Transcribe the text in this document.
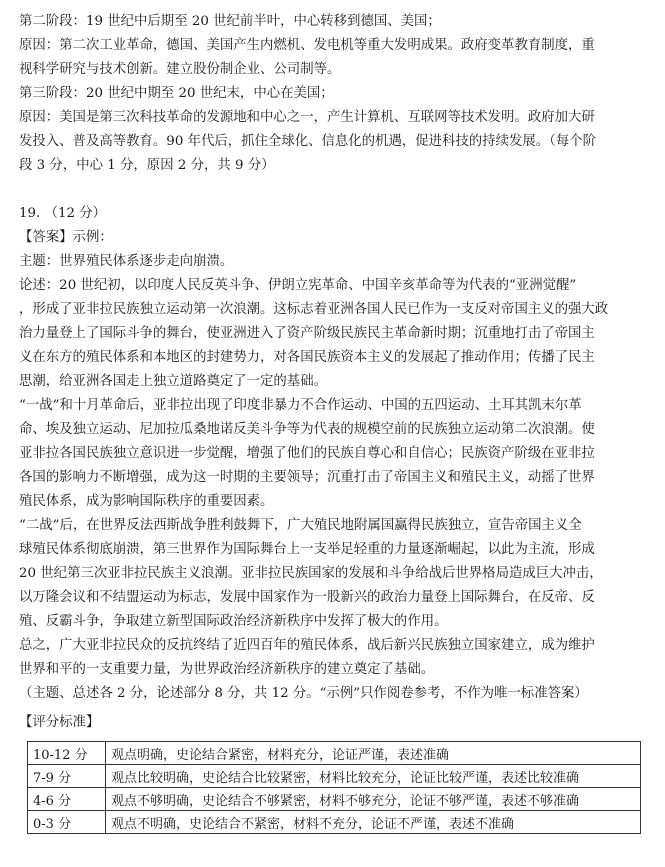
第二阶段：19 世纪中后期至 20 世纪前半叶，中心转移到德国、美国；
原因：第二次工业革命，德国、美国产生内燃机、发电机等重大发明成果。政府变革教育制度，重
视科学研究与技术创新。建立股份制企业、公司制等。
第三阶段：20 世纪中期至 20 世纪末，中心在美国；
原因：美国是第三次科技革命的发源地和中心之一，产生计算机、互联网等技术发明。政府加大研
发投入、普及高等教育。90 年代后，抓住全球化、信息化的机遇，促进科技的持续发展。（每个阶
段 3 分，中心 1 分，原因 2 分，共 9 分）
19. （12 分）
【答案】示例：
主题：世界殖民体系逐步走向崩溃。
论述：20 世纪初，以印度人民反英斗争、伊朗立宪革命、中国辛亥革命等为代表的“亚洲觉醒”
，形成了亚非拉民族独立运动第一次浪潮。这标志着亚洲各国人民已作为一支反对帝国主义的强大政
治力量登上了国际斗争的舞台，使亚洲进入了资产阶级民族民主革命新时期；沉重地打击了帝国主
义在东方的殖民体系和本地区的封建势力，对各国民族资本主义的发展起了推动作用；传播了民主
思潮，给亚洲各国走上独立道路奠定了一定的基础。
“一战”和十月革命后，亚非拉出现了印度非暴力不合作运动、中国的五四运动、土耳其凯末尔革
命、埃及独立运动、尼加拉瓜桑地诺反美斗争等为代表的规模空前的民族独立运动第二次浪潮。使
亚非拉各国民族独立意识进一步觉醒，增强了他们的民族自尊心和自信心；民族资产阶级在亚非拉
各国的影响力不断增强，成为这一时期的主要领导；沉重打击了帝国主义和殖民主义，动摇了世界
殖民体系，成为影响国际秩序的重要因素。
“二战”后，在世界反法西斯战争胜利鼓舞下，广大殖民地附属国赢得民族独立，宣告帝国主义全
球殖民体系彻底崩溃，第三世界作为国际舞台上一支举足轻重的力量逐渐崛起，以此为主流，形成
20 世纪第三次亚非拉民族主义浪潮。亚非拉民族国家的发展和斗争给战后世界格局造成巨大冲击，
以万隆会议和不结盟运动为标志，发展中国家作为一股新兴的政治力量登上国际舞台，在反帝、反
殖、反霸斗争，争取建立新型国际政治经济新秩序中发挥了极大的作用。
总之，广大亚非拉民众的反抗终结了近四百年的殖民体系，战后新兴民族独立国家建立，成为维护
世界和平的一支重要力量，为世界政治经济新秩序的建立奠定了基础。
（主题、总述各 2 分，论述部分 8 分，共 12 分。“示例”只作阅卷参考，不作为唯一标准答案）
【评分标准】
10-12 分	观点明确，史论结合紧密，材料充分，论证严谨，表述准确
7-9 分	观点比较明确，史论结合比较紧密，材料比较充分，论证比较严谨，表述比较准确
4-6 分	观点不够明确，史论结合不够紧密，材料不够充分，论证不够严谨，表述不够准确
0-3 分	观点不明确，史论结合不紧密，材料不充分，论证不严谨，表述不准确
